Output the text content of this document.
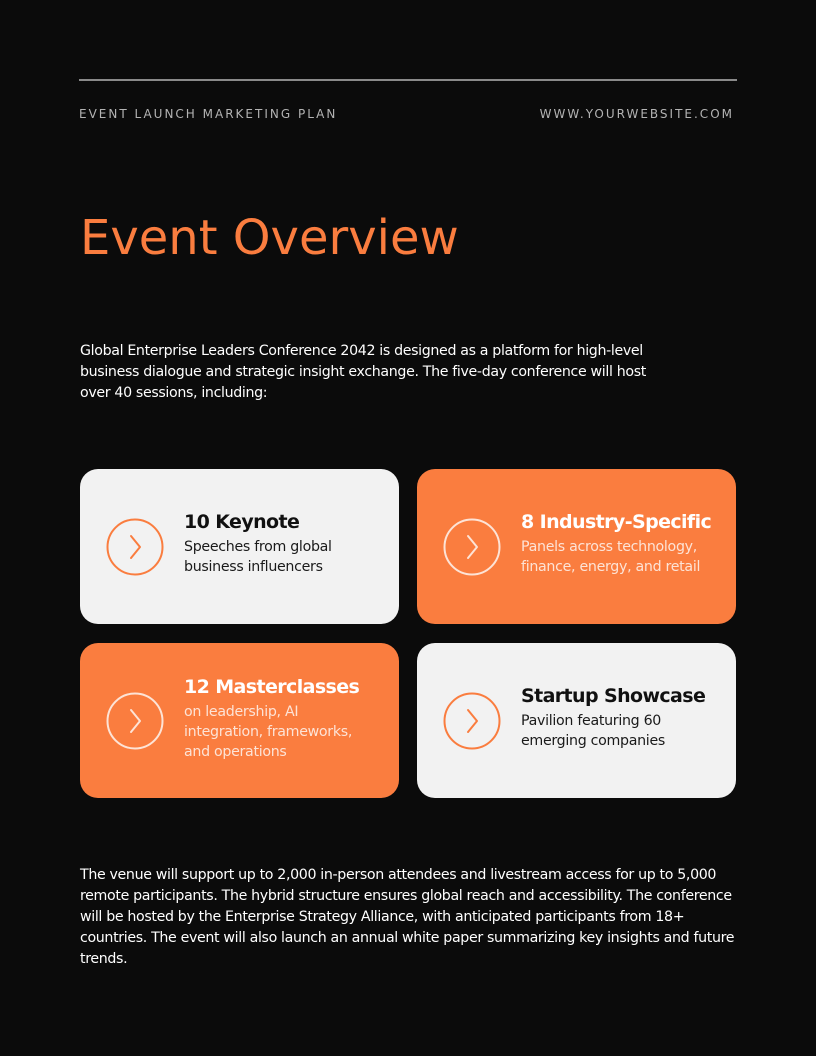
EVENT LAUNCH MARKETING PLAN	WWW.YOURWEBSITE.COM
Event Overview

Global Enterprise Leaders Conference 2042 is designed as a platform for high-level business dialogue and strategic insight exchange. The five-day conference will host over 40 sessions, including:

10 Keynote

Speeches from global business influencers

8 Industry-Specific

Panels across technology, finance, energy, and retail

12 Masterclasses

on leadership, AI integration, frameworks, and operations

Startup Showcase

Pavilion featuring 60 emerging companies

The venue will support up to 2,000 in-person attendees and livestream access for up to 5,000 remote participants. The hybrid structure ensures global reach and accessibility. The conference will be hosted by the Enterprise Strategy Alliance, with anticipated participants from 18+ countries. The event will also launch an annual white paper summarizing key insights and future trends.
